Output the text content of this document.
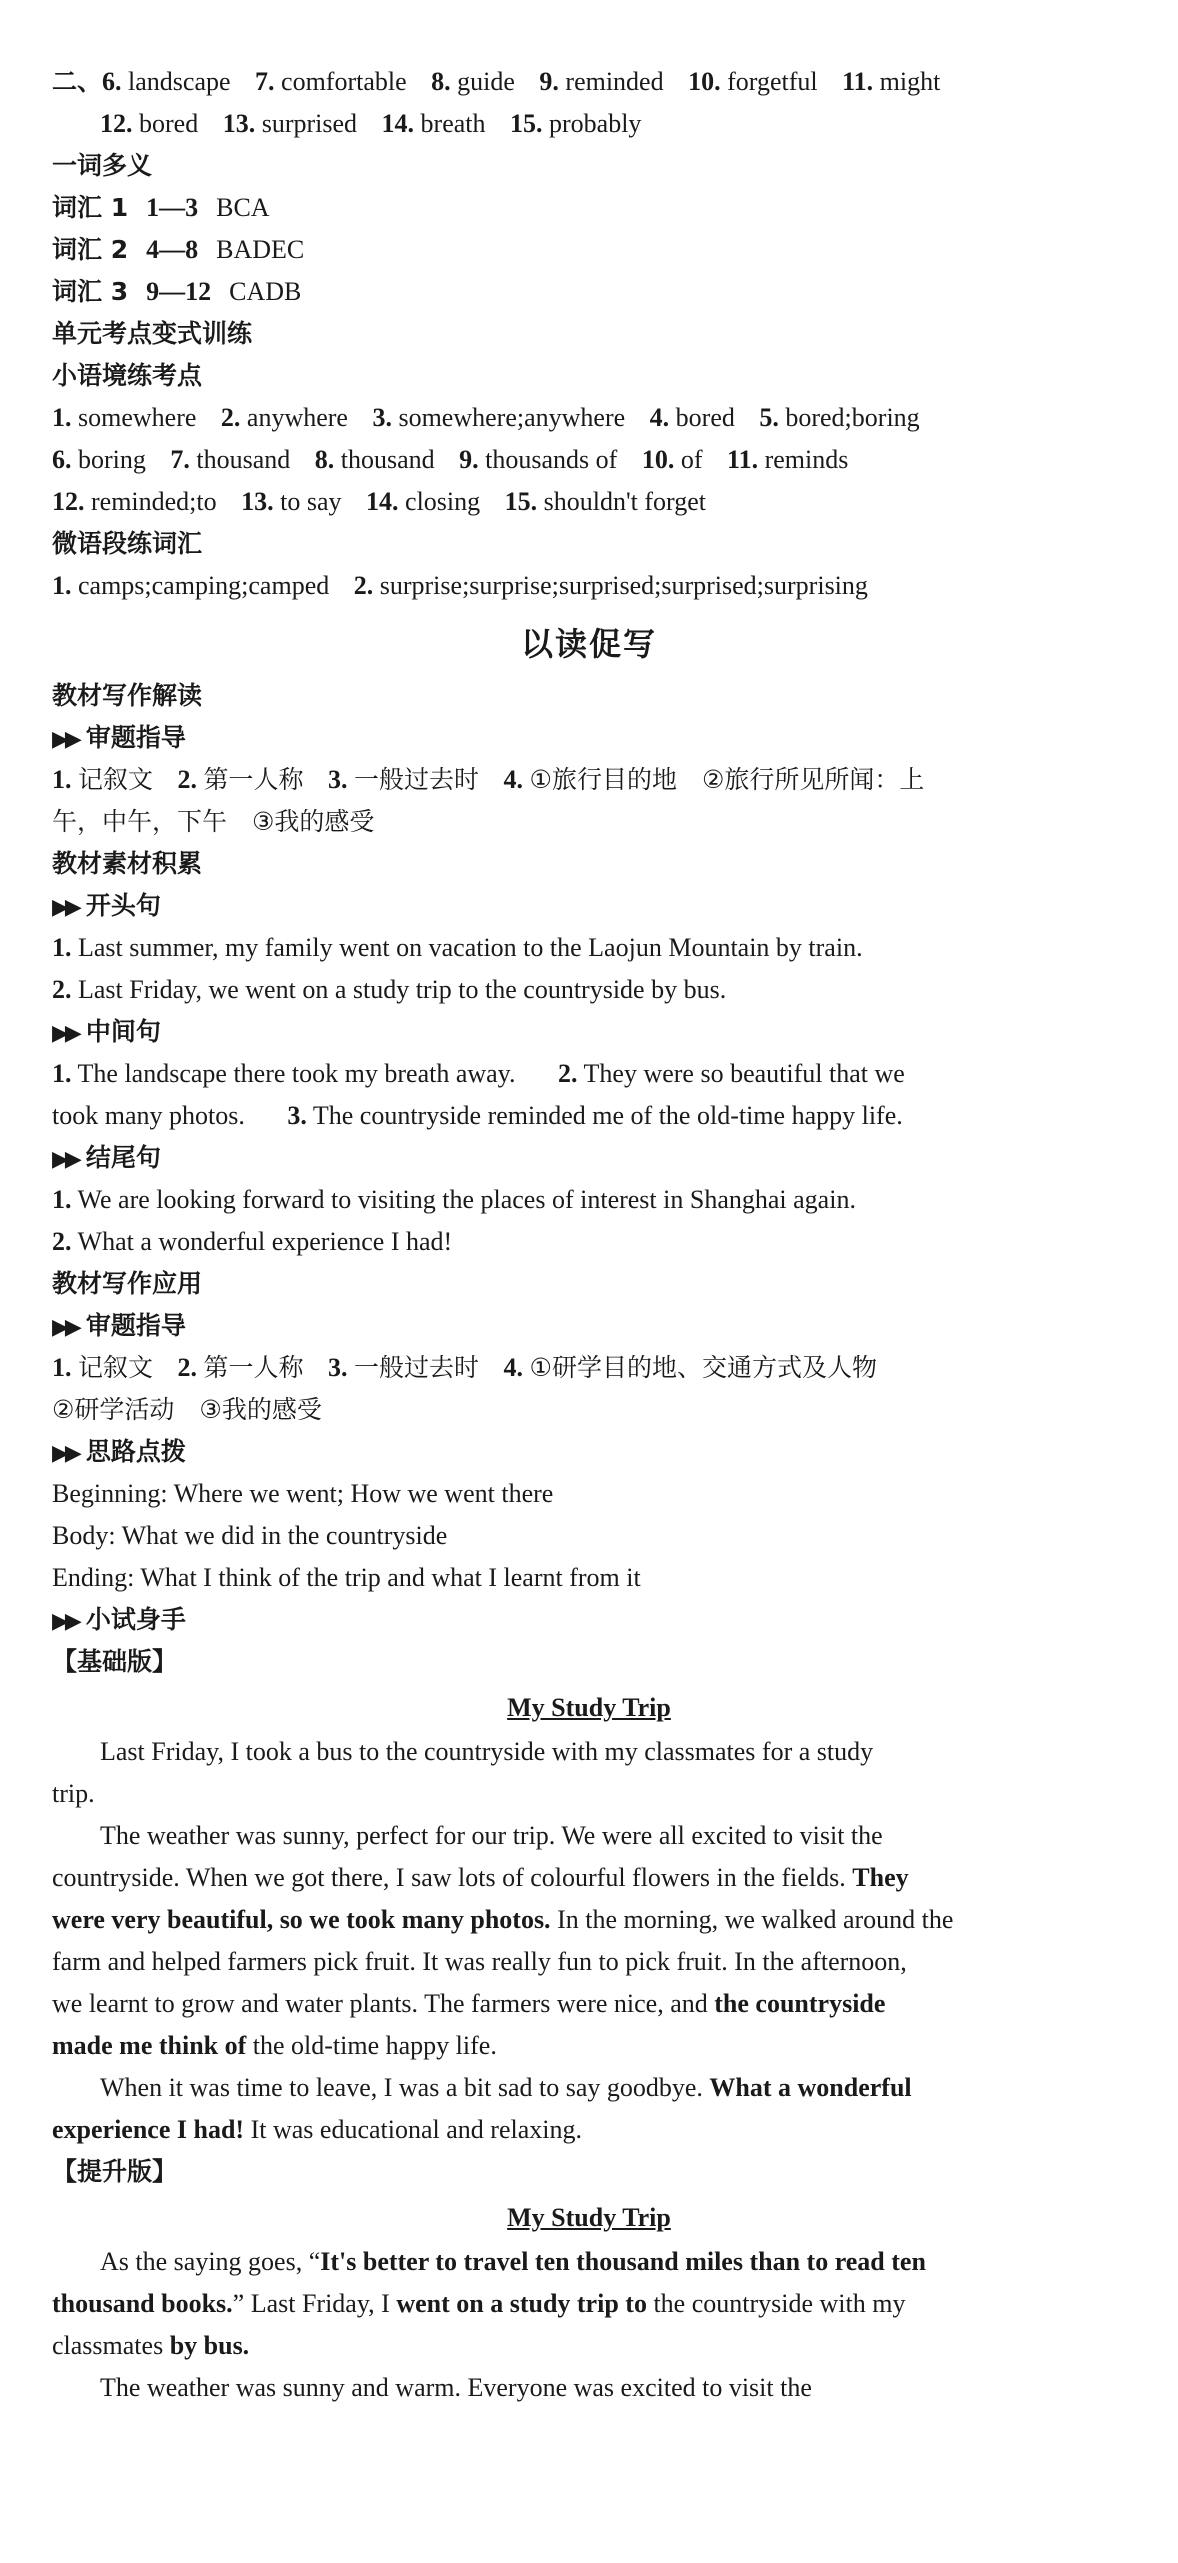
二、6. landscape 7. comfortable 8. guide 9. reminded 10. forgetful 11. might
12. bored 13. surprised 14. breath 15. probably
一词多义
词汇 1 1—3 BCA
词汇 2 4—8 BADEC
词汇 3 9—12 CADB
单元考点变式训练
小语境练考点
1. somewhere 2. anywhere 3. somewhere;anywhere 4. bored 5. bored;boring
6. boring 7. thousand 8. thousand 9. thousands of 10. of 11. reminds
12. reminded;to 13. to say 14. closing 15. shouldn't forget
微语段练词汇
1. camps;camping;camped 2. surprise;surprise;surprised;surprised;surprising
以读促写
教材写作解读
▶▶ 审题指导
1. 记叙文 2. 第一人称 3. 一般过去时 4. ①旅行目的地　②旅行所见所闻：上
午，中午，下午　③我的感受
教材素材积累
▶▶ 开头句
1. Last summer, my family went on vacation to the Laojun Mountain by train.
2. Last Friday, we went on a study trip to the countryside by bus.
▶▶ 中间句
1. The landscape there took my breath away. 2. They were so beautiful that we
took many photos. 3. The countryside reminded me of the old-time happy life.
▶▶ 结尾句
1. We are looking forward to visiting the places of interest in Shanghai again.
2. What a wonderful experience I had!
教材写作应用
▶▶ 审题指导
1. 记叙文 2. 第一人称 3. 一般过去时 4. ①研学目的地、交通方式及人物
②研学活动　③我的感受
▶▶ 思路点拨
Beginning: Where we went; How we went there
Body: What we did in the countryside
Ending: What I think of the trip and what I learnt from it
▶▶ 小试身手
【基础版】
My Study Trip
Last Friday, I took a bus to the countryside with my classmates for a study
trip.
The weather was sunny, perfect for our trip. We were all excited to visit the
countryside. When we got there, I saw lots of colourful flowers in the fields. They
were very beautiful, so we took many photos. In the morning, we walked around the
farm and helped farmers pick fruit. It was really fun to pick fruit. In the afternoon,
we learnt to grow and water plants. The farmers were nice, and the countryside
made me think of the old-time happy life.
When it was time to leave, I was a bit sad to say goodbye. What a wonderful
experience I had! It was educational and relaxing.
【提升版】
My Study Trip
As the saying goes, “It's better to travel ten thousand miles than to read ten
thousand books.” Last Friday, I went on a study trip to the countryside with my
classmates by bus.
The weather was sunny and warm. Everyone was excited to visit the
